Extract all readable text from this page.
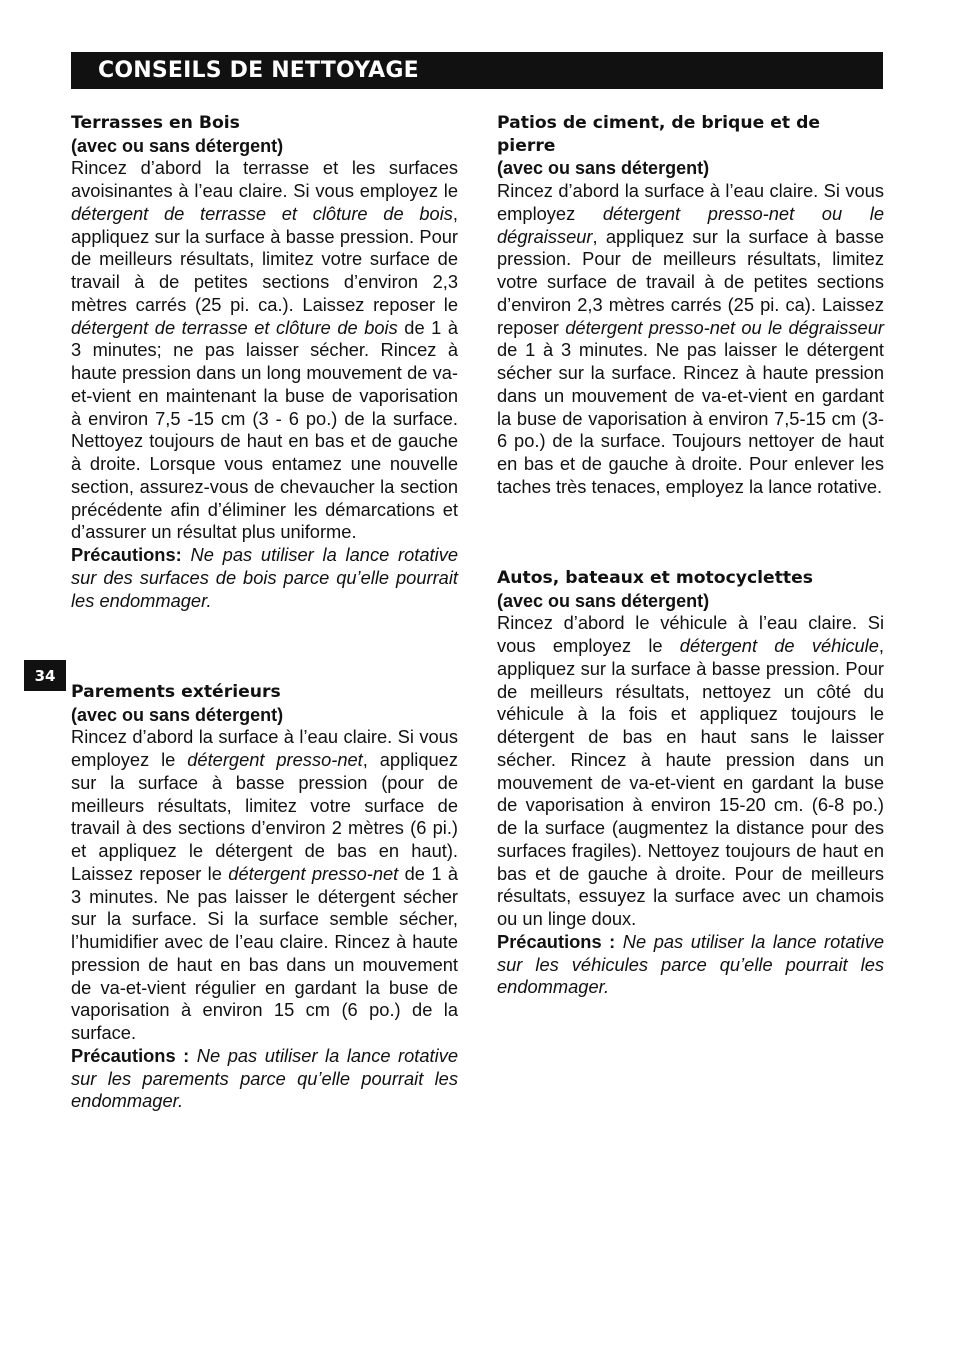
CONSEILS DE NETTOYAGE
34
Terrasses en Bois
(avec ou sans détergent)

Rincez d’abord la terrasse et les surfaces avoisinantes à l’eau claire. Si vous employez le détergent de terrasse et clôture de bois, appliquez sur la surface à basse pression. Pour de meilleurs résultats, limitez votre surface de travail à de petites sections d’environ 2,3 mètres carrés (25 pi. ca.). Laissez reposer le détergent de terrasse et clôture de bois de 1 à 3 minutes; ne pas laisser sécher. Rincez à haute pression dans un long mouvement de va-et-vient en maintenant la buse de vaporisation à environ 7,5 -15 cm (3 - 6 po.) de la surface. Nettoyez toujours de haut en bas et de gauche à droite. Lorsque vous entamez une nouvelle section, assurez-vous de chevaucher la section précédente afin d’éliminer les démarcations et d’assurer un résultat plus uniforme.

Précautions: Ne pas utiliser la lance rotative sur des surfaces de bois parce qu’elle pourrait les endommager.

Parements extérieurs
(avec ou sans détergent)

Rincez d’abord la surface à l’eau claire. Si vous employez le détergent presso-net, appliquez sur la surface à basse pression (pour de meilleurs résultats, limitez votre surface de travail à des sections d’environ 2 mètres (6 pi.) et appliquez le détergent de bas en haut). Laissez reposer le détergent presso-net de 1 à 3 minutes. Ne pas laisser le détergent sécher sur la surface. Si la surface semble sécher, l’humidifier avec de l’eau claire. Rincez à haute pression de haut en bas dans un mouvement de va-et-vient régulier en gardant la buse de vaporisation à environ 15 cm (6 po.) de la surface.

Précautions : Ne pas utiliser la lance rotative sur les parements parce qu’elle pourrait les endommager.

Patios de ciment, de brique et de pierre
(avec ou sans détergent)

Rincez d’abord la surface à l’eau claire. Si vous employez détergent presso-net ou le dégraisseur, appliquez sur la surface à basse pression. Pour de meilleurs résultats, limitez votre surface de travail à de petites sections d’environ 2,3 mètres carrés (25 pi. ca). Laissez reposer détergent presso-net ou le dégraisseur de 1 à 3 minutes. Ne pas laisser le détergent sécher sur la surface. Rincez à haute pression dans un mouvement de va-et-vient en gardant la buse de vaporisation à environ 7,5-15 cm (3-6 po.) de la surface. Toujours nettoyer de haut en bas et de gauche à droite. Pour enlever les taches très tenaces, employez la lance rotative.

Autos, bateaux et motocyclettes
(avec ou sans détergent)

Rincez d’abord le véhicule à l’eau claire. Si vous employez le détergent de véhicule, appliquez sur la surface à basse pression. Pour de meilleurs résultats, nettoyez un côté du véhicule à la fois et appliquez toujours le détergent de bas en haut sans le laisser sécher. Rincez à haute pression dans un mouvement de va-et-vient en gardant la buse de vaporisation à environ 15-20 cm. (6-8 po.) de la surface (augmentez la distance pour des surfaces fragiles). Nettoyez toujours de haut en bas et de gauche à droite. Pour de meilleurs résultats, essuyez la surface avec un chamois ou un linge doux.

Précautions : Ne pas utiliser la lance rotative sur les véhicules parce qu’elle pourrait les endommager.
